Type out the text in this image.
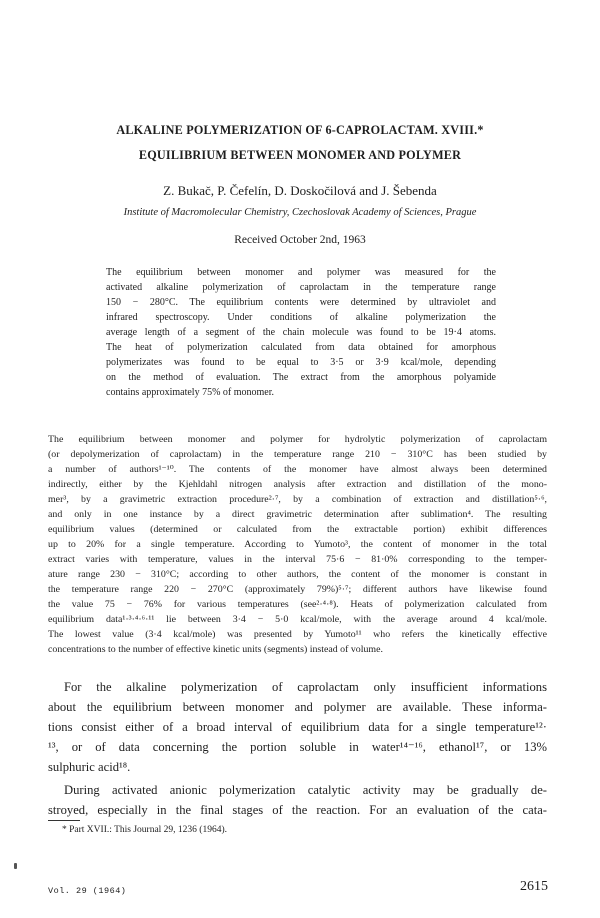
ALKALINE POLYMERIZATION OF 6-CAPROLACTAM. XVIII.*
EQUILIBRIUM BETWEEN MONOMER AND POLYMER
Z. Bukač, P. Čefelín, D. Doskočilová and J. Šebenda
Institute of Macromolecular Chemistry, Czechoslovak Academy of Sciences, Prague
Received October 2nd, 1963
The equilibrium between monomer and polymer was measured for the
activated alkaline polymerization of caprolactam in the temperature range
150 − 280°C. The equilibrium contents were determined by ultraviolet and
infrared spectroscopy. Under conditions of alkaline polymerization the
average length of a segment of the chain molecule was found to be 19·4 atoms.
The heat of polymerization calculated from data obtained for amorphous
polymerizates was found to be equal to 3·5 or 3·9 kcal/mole, depending
on the method of evaluation. The extract from the amorphous polyamide
contains approximately 75% of monomer.
The equilibrium between monomer and polymer for hydrolytic polymerization of caprolactam
(or depolymerization of caprolactam) in the temperature range 210 − 310°C has been studied by
a number of authors¹⁻¹⁰. The contents of the monomer have almost always been determined
indirectly, either by the Kjehldahl nitrogen analysis after extraction and distillation of the mono-
mer³, by a gravimetric extraction procedure²·⁷, by a combination of extraction and distillation⁵·⁶,
and only in one instance by a direct gravimetric determination after sublimation⁴. The resulting
equilibrium values (determined or calculated from the extractable portion) exhibit differences
up to 20% for a single temperature. According to Yumoto³, the content of monomer in the total
extract varies with temperature, values in the interval 75·6 − 81·0% corresponding to the temper-
ature range 230 − 310°C; according to other authors, the content of the monomer is constant in
the temperature range 220 − 270°C (approximately 79%)⁵·⁷; different authors have likewise found
the value 75 − 76% for various temperatures (see²·⁴·⁸). Heats of polymerization calculated from
equilibrium data¹·³·⁴·⁶·¹¹ lie between 3·4 − 5·0 kcal/mole, with the average around 4 kcal/mole.
The lowest value (3·4 kcal/mole) was presented by Yumoto¹¹ who refers the kinetically effective
concentrations to the number of effective kinetic units (segments) instead of volume.
For the alkaline polymerization of caprolactam only insufficient informations
about the equilibrium between monomer and polymer are available. These informa-
tions consist either of a broad interval of equilibrium data for a single temperature¹²·
¹³, or of data concerning the portion soluble in water¹⁴⁻¹⁶, ethanol¹⁷, or 13%
sulphuric acid¹⁸.
During activated anionic polymerization catalytic activity may be gradually de-
stroyed, especially in the final stages of the reaction. For an evaluation of the cata-
* Part XVII.: This Journal 29, 1236 (1964).
Vol. 29 (1964)	2615
